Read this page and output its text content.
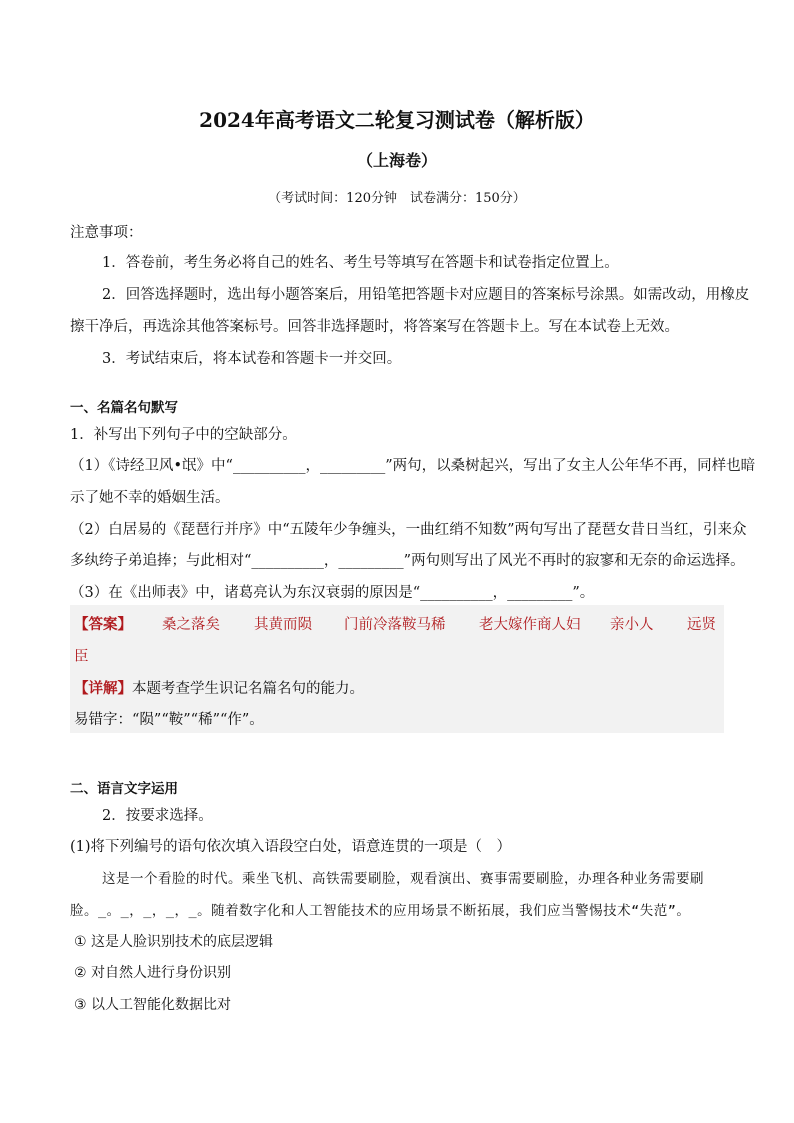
2024年高考语文二轮复习测试卷（解析版）
（上海卷）
（考试时间：120分钟　试卷满分：150分）
注意事项：
1．答卷前，考生务必将自己的姓名、考生号等填写在答题卡和试卷指定位置上。
2．回答选择题时，选出每小题答案后，用铅笔把答题卡对应题目的答案标号涂黑。如需改动，用橡皮
擦干净后，再选涂其他答案标号。回答非选择题时，将答案写在答题卡上。写在本试卷上无效。
3．考试结束后，将本试卷和答题卡一并交回。
一、名篇名句默写
1．补写出下列句子中的空缺部分。
（1）《诗经卫风•氓》中“__________，_________”两句，以桑树起兴，写出了女主人公年华不再，同样也暗
示了她不幸的婚姻生活。
（2）白居易的《琵琶行并序》中“五陵年少争缠头，一曲红绡不知数”两句写出了琵琶女昔日当红，引来众
多纨绔子弟追捧；与此相对“__________，_________”两句则写出了风光不再时的寂寥和无奈的命运选择。
（3）在《出师表》中，诸葛亮认为东汉衰弱的原因是“__________，_________”。
【答案】 桑之落矣 其黄而陨 门前冷落鞍马稀 老大嫁作商人妇 亲小人 远贤
臣
【详解】本题考查学生识记名篇名句的能力。
易错字：“陨”“鞍”“稀”“作”。
二、语言文字运用
2．按要求选择。
(1)将下列编号的语句依次填入语段空白处，语意连贯的一项是（　）
这是一个看脸的时代。乘坐飞机、高铁需要刷脸，观看演出、赛事需要刷脸，办理各种业务需要刷
脸。_。_，_，_，_。随着数字化和人工智能技术的应用场景不断拓展，我们应当警惕技术“失范”。
① 这是人脸识别技术的底层逻辑
② 对自然人进行身份识别
③ 以人工智能化数据比对
